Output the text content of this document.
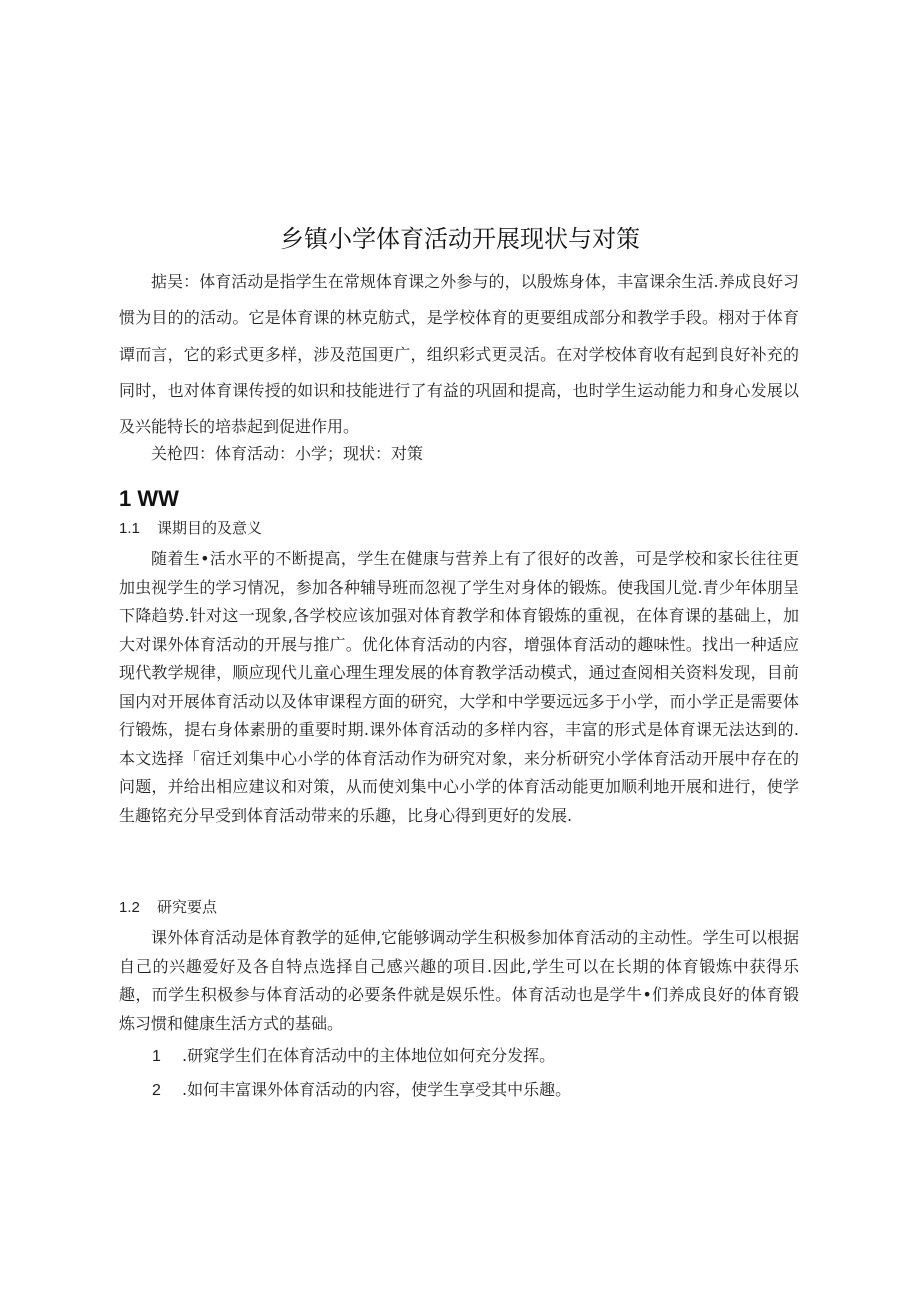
乡镇小学体育活动开展现状与对策

掂吴：体育活动是指学生在常规体育课之外参与的，以殷炼身体，丰富课余生活.养成良好习惯为目的的活动。它是体育课的林克舫式，是学校体育的更要组成部分和教学手段。栩对于体育谭而言，它的彩式更多样，涉及范国更广，组织彩式更灵活。在对学校体育收有起到良好补充的同时，也对体育课传授的如识和技能进行了有益的巩固和提高，也时学生运动能力和身心发展以及兴能特长的培恭起到促进作用。

关枪四：体育活动：小学；现状：对策

1 WW
1.1 课期目的及意义

随着生•活水平的不断提高，学生在健康与营养上有了很好的改善，可是学校和家长往往更加虫视学生的学习情况，参加各种辅导班而忽视了学生对身体的锻炼。使我国儿觉.青少年体朋呈下降趋势.针对这一现象,各学校应该加强对体育教学和体育锻炼的重视，在体育课的基础上，加大对课外体育活动的开展与推广。优化体育活动的内容，增强体育活动的趣味性。找出一种适应现代教学规律，顺应现代儿童心理生理发展的体育教学活动模式，通过查阅相关资料发现，目前国内对开展体育活动以及体审课程方面的研究，大学和中学要远远多于小学，而小学正是需要体行锻炼，提右身体素册的重要时期.课外体育活动的多样内容，丰富的形式是体育课无法达到的.本文选择「宿迁刘集中心小学的体育活动作为研究对象，来分析研究小学体育活动开展中存在的问题，并给出相应建议和对策，从而使刘集中心小学的体育活动能更加顺利地开展和进行，使学生趣铭充分早受到体育活动带来的乐趣，比身心得到更好的发展.

1.2 研究要点

课外体育活动是体育教学的延伸,它能够调动学生积极参加体育活动的主动性。学生可以根据自己的兴趣爱好及各自特点选择自己感兴趣的项目.因此,学生可以在长期的体育锻炼中获得乐趣，而学生积极参与体育活动的必要条件就是娱乐性。体育活动也是学牛•们养成良好的体育锻炼习惯和健康生活方式的基础。

1 .研窕学生们在体育活动中的主体地位如何充分发挥。
2 .如何丰富课外体育活动的内容，使学生享受其中乐趣。
